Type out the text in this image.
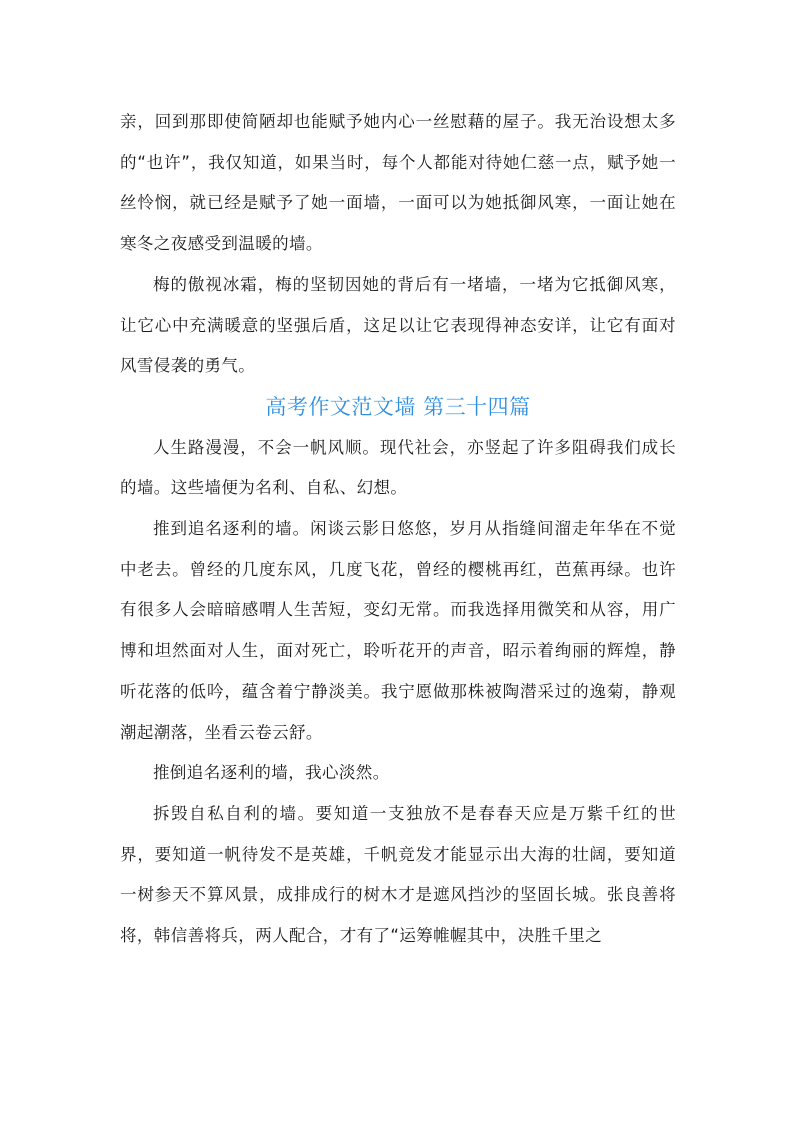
亲，回到那即使简陋却也能赋予她内心一丝慰藉的屋子。我无治设想太多的“也许”，我仅知道，如果当时，每个人都能对待她仁慈一点，赋予她一丝怜悯，就已经是赋予了她一面墙，一面可以为她抵御风寒，一面让她在寒冬之夜感受到温暖的墙。

梅的傲视冰霜，梅的坚韧因她的背后有一堵墙，一堵为它抵御风寒，让它心中充满暖意的坚强后盾，这足以让它表现得神态安详，让它有面对风雪侵袭的勇气。

高考作文范文墙 第三十四篇

人生路漫漫，不会一帆风顺。现代社会，亦竖起了许多阻碍我们成长的墙。这些墙便为名利、自私、幻想。

推到追名逐利的墙。闲谈云影日悠悠，岁月从指缝间溜走年华在不觉中老去。曾经的几度东风，几度飞花，曾经的樱桃再红，芭蕉再绿。也许有很多人会暗暗感喟人生苦短，变幻无常。而我选择用微笑和从容，用广博和坦然面对人生，面对死亡，聆听花开的声音，昭示着绚丽的辉煌，静听花落的低吟，蕴含着宁静淡美。我宁愿做那株被陶潜采过的逸菊，静观潮起潮落，坐看云卷云舒。

推倒追名逐利的墙，我心淡然。

拆毁自私自利的墙。要知道一支独放不是春春天应是万紫千红的世界，要知道一帆待发不是英雄，千帆竞发才能显示出大海的壮阔，要知道一树参天不算风景，成排成行的树木才是遮风挡沙的坚固长城。张良善将将，韩信善将兵，两人配合，才有了“运筹帷幄其中，决胜千里之
